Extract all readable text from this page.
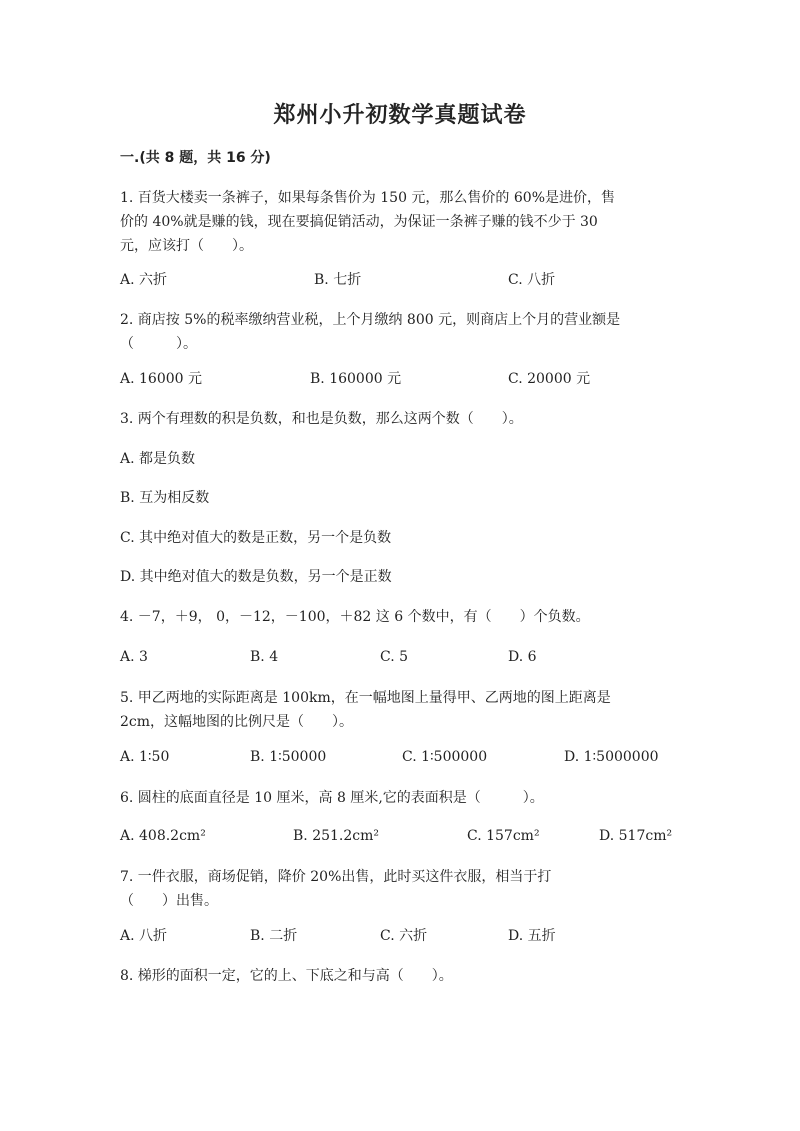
郑州小升初数学真题试卷
一.(共 8 题，共 16 分)
1. 百货大楼卖一条裤子，如果每条售价为 150 元，那么售价的 60%是进价，售
价的 40%就是赚的钱，现在要搞促销活动，为保证一条裤子赚的钱不少于 30
元，应该打（　　）。
A. 六折	B. 七折	C. 八折
2. 商店按 5%的税率缴纳营业税，上个月缴纳 800 元，则商店上个月的营业额是
（　　　）。
A. 16000 元	B. 160000 元	C. 20000 元
3. 两个有理数的积是负数，和也是负数，那么这两个数（　　）。
A. 都是负数
B. 互为相反数
C. 其中绝对值大的数是正数，另一个是负数
D. 其中绝对值大的数是负数，另一个是正数
4. －7，＋9， 0，－12，－100，＋82 这 6 个数中，有（　　）个负数。
A. 3	B. 4	C. 5	D. 6
5. 甲乙两地的实际距离是 100km，在一幅地图上量得甲、乙两地的图上距离是
2cm，这幅地图的比例尺是（　　）。
A. 1∶50	B. 1∶50000	C. 1∶500000	D. 1∶5000000
6. 圆柱的底面直径是 10 厘米，高 8 厘米,它的表面积是（　　　）。
A. 408.2cm²	B. 251.2cm²	C. 157cm²	D. 517cm²
7. 一件衣服，商场促销，降价 20%出售，此时买这件衣服，相当于打
（　　）出售。
A. 八折	B. 二折	C. 六折	D. 五折
8. 梯形的面积一定，它的上、下底之和与高（　　）。
